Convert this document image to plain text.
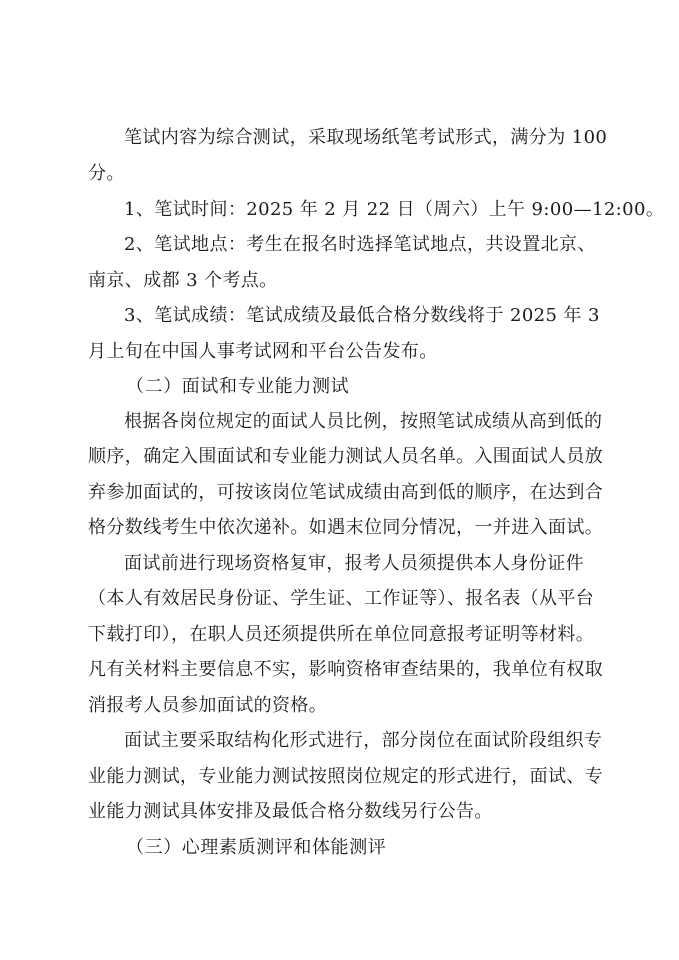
笔试内容为综合测试，采取现场纸笔考试形式，满分为 100

分。

1、笔试时间：2025 年 2 月 22 日（周六）上午 9:00—12:00。

2、笔试地点：考生在报名时选择笔试地点，共设置北京、

南京、成都 3 个考点。

3、笔试成绩：笔试成绩及最低合格分数线将于 2025 年 3

月上旬在中国人事考试网和平台公告发布。

（二）面试和专业能力测试

根据各岗位规定的面试人员比例，按照笔试成绩从高到低的

顺序，确定入围面试和专业能力测试人员名单。入围面试人员放

弃参加面试的，可按该岗位笔试成绩由高到低的顺序，在达到合

格分数线考生中依次递补。如遇末位同分情况，一并进入面试。

面试前进行现场资格复审，报考人员须提供本人身份证件

（本人有效居民身份证、学生证、工作证等）、报名表（从平台

下载打印），在职人员还须提供所在单位同意报考证明等材料。

凡有关材料主要信息不实，影响资格审查结果的，我单位有权取

消报考人员参加面试的资格。

面试主要采取结构化形式进行，部分岗位在面试阶段组织专

业能力测试，专业能力测试按照岗位规定的形式进行，面试、专

业能力测试具体安排及最低合格分数线另行公告。

（三）心理素质测评和体能测评
